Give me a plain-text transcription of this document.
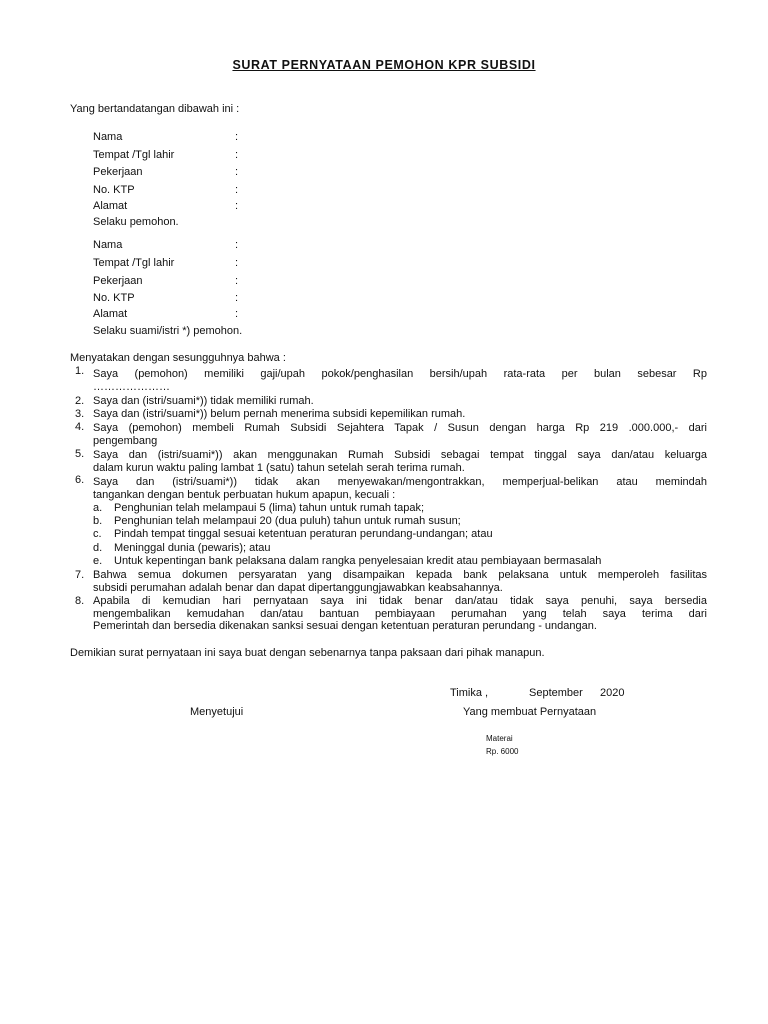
SURAT PERNYATAAN PEMOHON KPR SUBSIDI
Yang bertandatangan dibawah ini :
Nama	:
Tempat /Tgl lahir	:
Pekerjaan	:
No. KTP	:
Alamat	:
Selaku pemohon.
Nama	:
Tempat /Tgl lahir	:
Pekerjaan	:
No. KTP	:
Alamat	:
Selaku suami/istri *) pemohon.
Menyatakan dengan sesungguhnya bahwa :
1. Saya (pemohon) memiliki gaji/upah pokok/penghasilan bersih/upah rata-rata per bulan sebesar Rp
…………………
2. Saya dan (istri/suami*)) tidak memiliki rumah.
3. Saya dan (istri/suami*)) belum pernah menerima subsidi kepemilikan rumah.
4. Saya (pemohon) membeli Rumah Subsidi Sejahtera Tapak / Susun dengan harga Rp 219 .000.000,- dari
pengembang
5. Saya dan (istri/suami*)) akan menggunakan Rumah Subsidi sebagai tempat tinggal saya dan/atau keluarga
dalam kurun waktu paling lambat 1 (satu) tahun setelah serah terima rumah.
6. Saya dan (istri/suami*)) tidak akan menyewakan/mengontrakkan, memperjual-belikan atau memindah
tangankan dengan bentuk perbuatan hukum apapun, kecuali :
a. Penghunian telah melampaui 5 (lima) tahun untuk rumah tapak;
b. Penghunian telah melampaui 20 (dua puluh) tahun untuk rumah susun;
c. Pindah tempat tinggal sesuai ketentuan peraturan perundang-undangan; atau
d. Meninggal dunia (pewaris); atau
e. Untuk kepentingan bank pelaksana dalam rangka penyelesaian kredit atau pembiayaan bermasalah
7. Bahwa semua dokumen persyaratan yang disampaikan kepada bank pelaksana untuk memperoleh fasilitas
subsidi perumahan adalah benar dan dapat dipertanggungjawabkan keabsahannya.
8. Apabila di kemudian hari pernyataan saya ini tidak benar dan/atau tidak saya penuhi, saya bersedia
mengembalikan kemudahan dan/atau bantuan pembiayaan perumahan yang telah saya terima dari
Pemerintah dan bersedia dikenakan sanksi sesuai dengan ketentuan peraturan perundang - undangan.
Demikian surat pernyataan ini saya buat dengan sebenarnya tanpa paksaan dari pihak manapun.
Timika ,	September 2020
Menyetujui	Yang membuat Pernyataan
Materai
Rp. 6000
